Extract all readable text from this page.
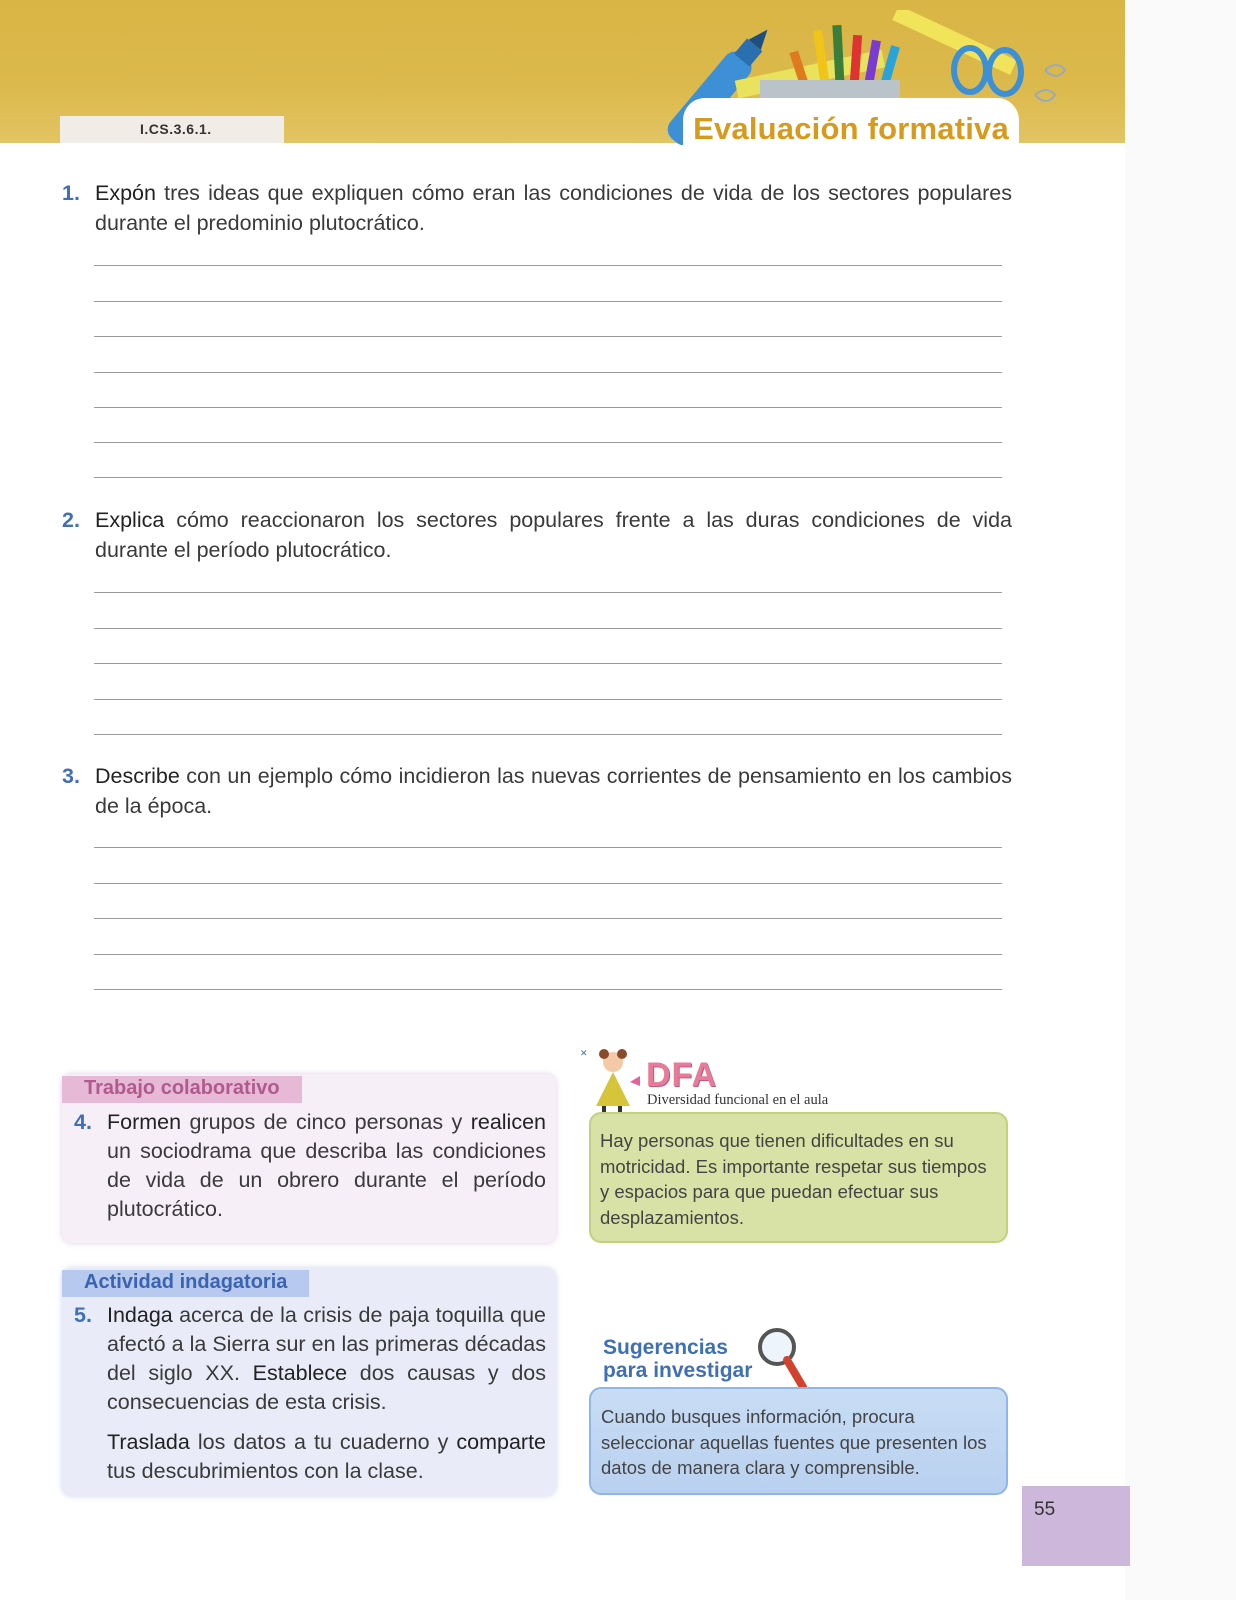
I.CS.3.6.1.	Evaluación formativa
1. Expón tres ideas que expliquen cómo eran las condiciones de vida de los sectores populares durante el predominio plutocrático.
2. Explica cómo reaccionaron los sectores populares frente a las duras condiciones de vida durante el período plutocrático.
3. Describe con un ejemplo cómo incidieron las nuevas corrientes de pensamiento en los cambios de la época.
Trabajo colaborativo
4. Formen grupos de cinco personas y realicen un sociodrama que describa las condiciones de vida de un obrero durante el período plutocrático.

Actividad indagatoria
5. Indaga acerca de la crisis de paja toquilla que afectó a la Sierra sur en las primeras décadas del siglo XX. Establece dos causas y dos consecuencias de esta crisis.

Traslada los datos a tu cuaderno y comparte tus descubrimientos con la clase.

✕
DFA
Diversidad funcional en el aula
Hay personas que tienen dificultades en su motricidad. Es importante respetar sus tiempos y espacios para que puedan efectuar sus desplazamientos.
Sugerencias
para investigar
Cuando busques información, procura seleccionar aquellas fuentes que presenten los datos de manera clara y comprensible.
55
